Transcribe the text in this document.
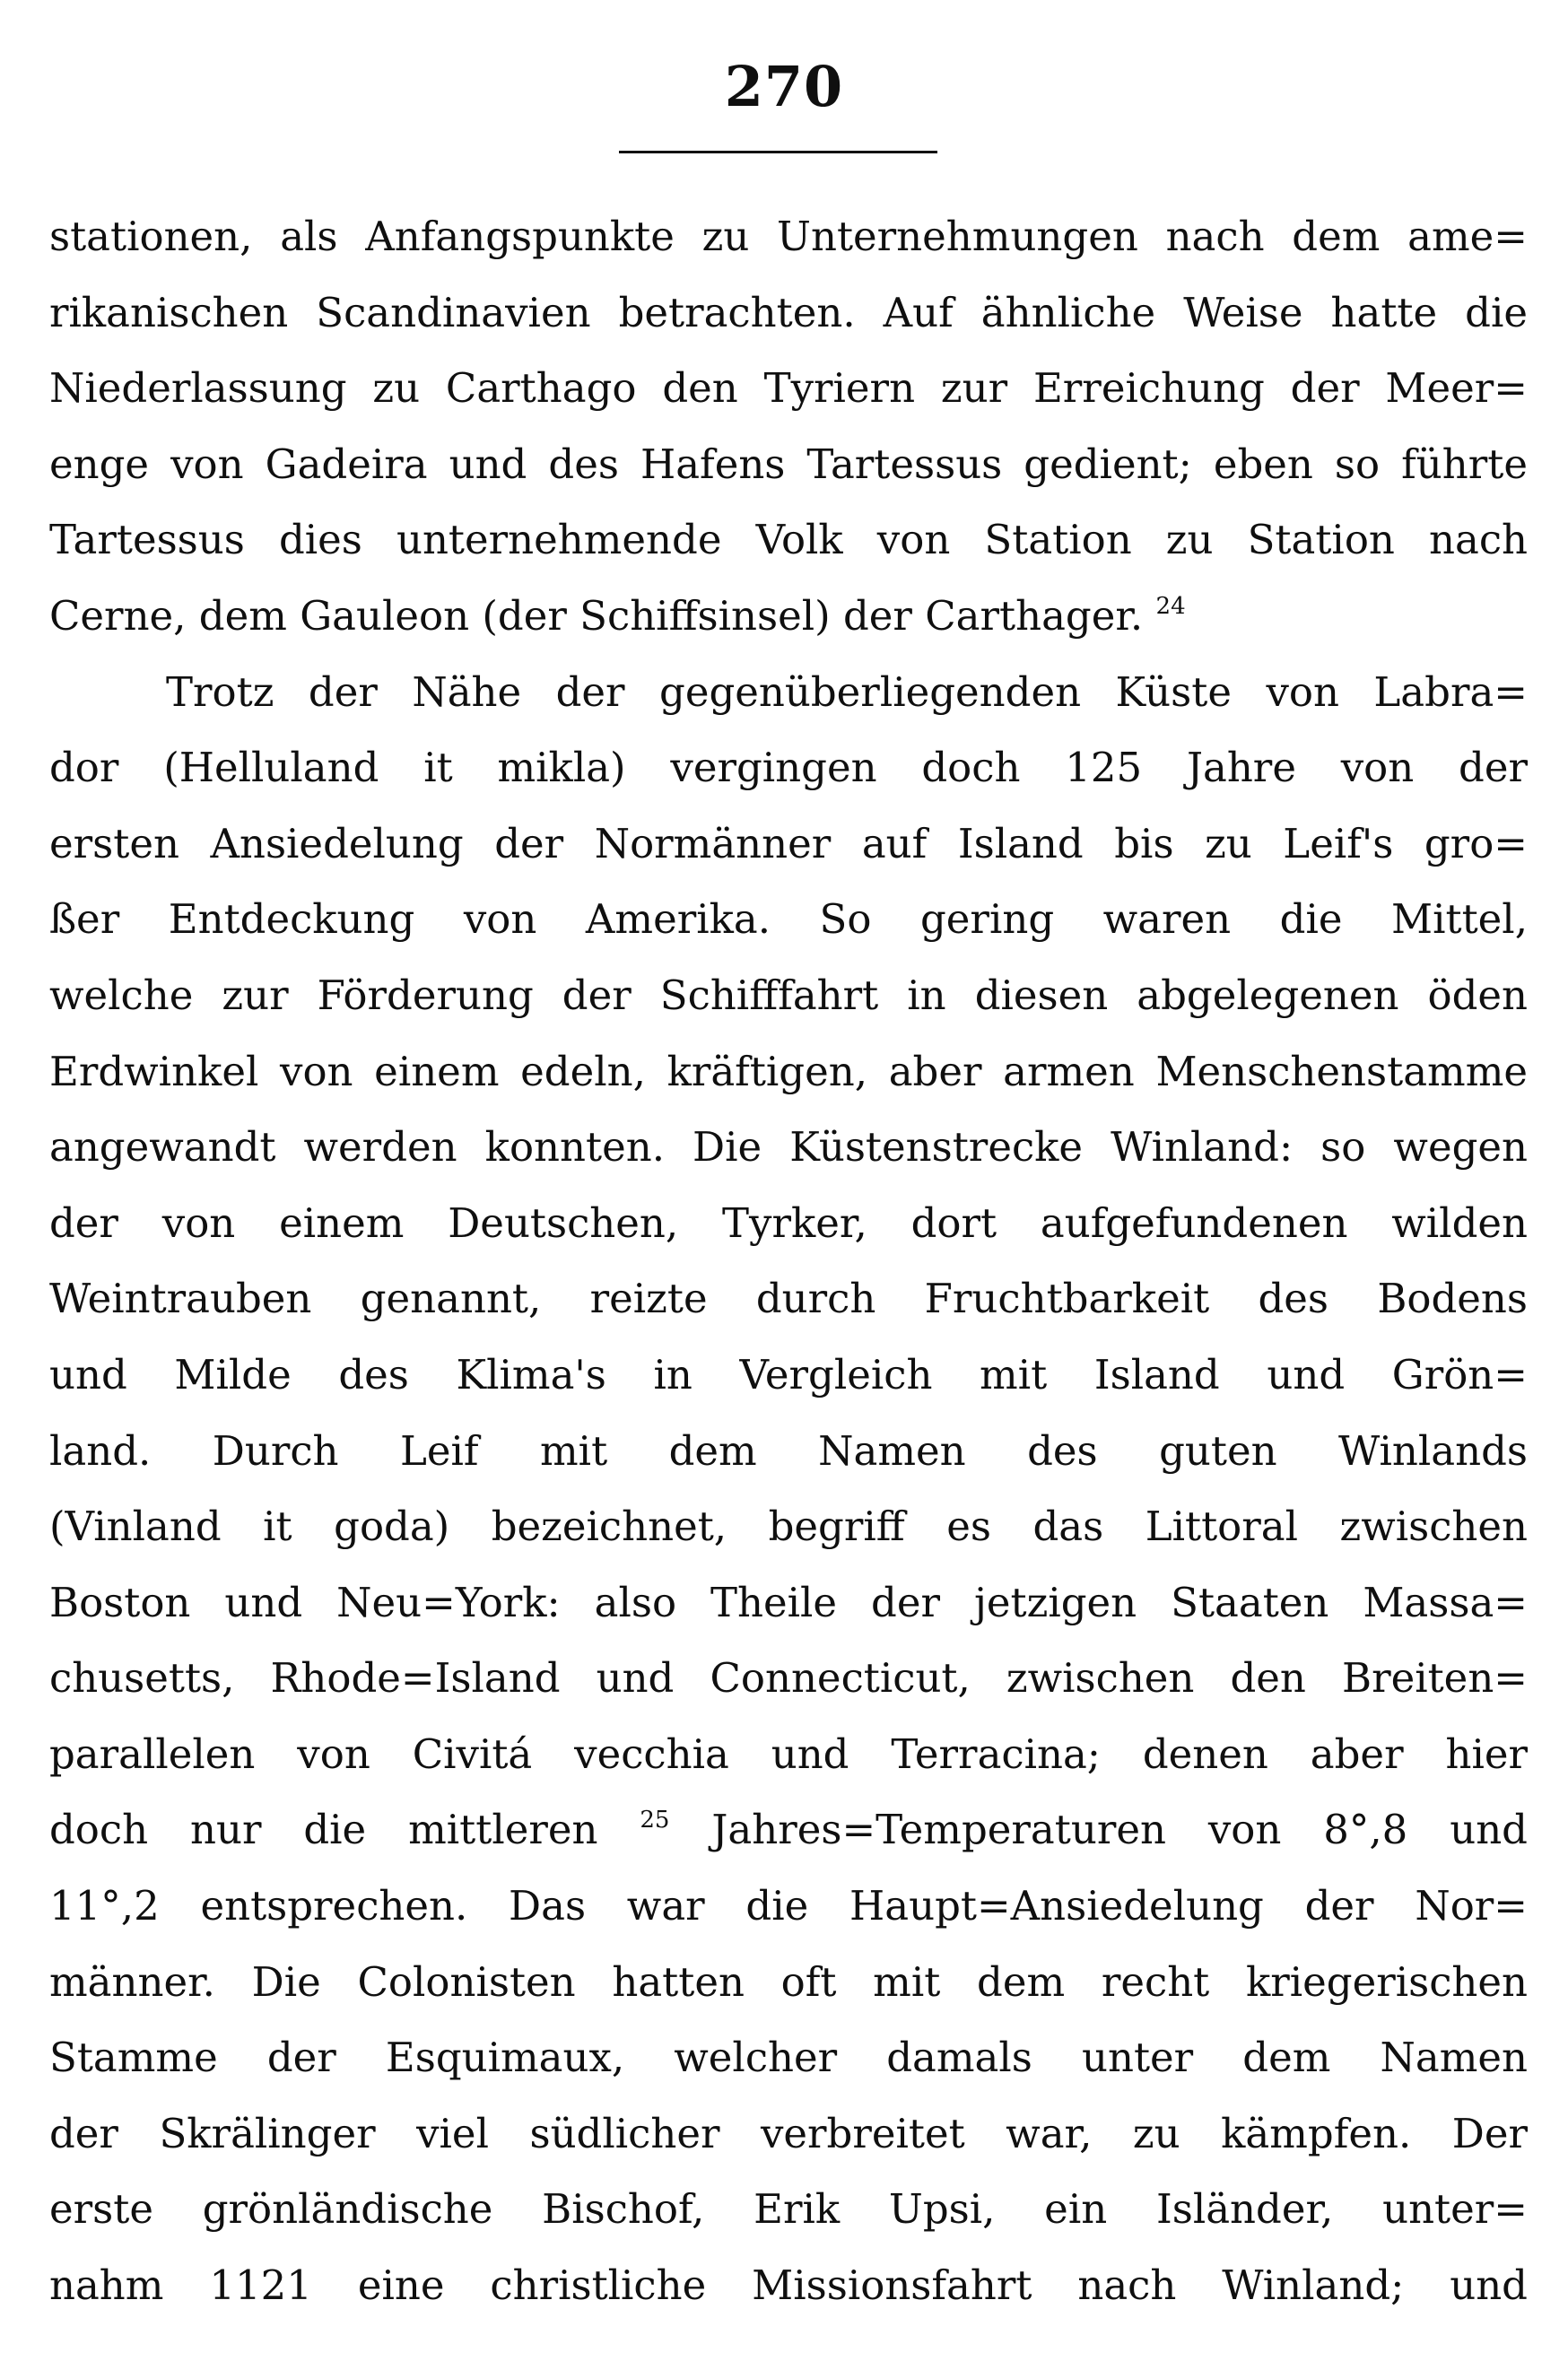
270
stationen, als Anfangspunkte zu Unternehmungen nach dem ame=
rikanischen Scandinavien betrachten. Auf ähnliche Weise hatte die
Niederlassung zu Carthago den Tyriern zur Erreichung der Meer=
enge von Gadeira und des Hafens Tartessus gedient; eben so führte
Tartessus dies unternehmende Volk von Station zu Station nach
Cerne, dem Gauleon (der Schiffsinsel) der Carthager. $^{24}$
Trotz der Nähe der gegenüberliegenden Küste von Labra=
dor (Helluland it mikla) vergingen doch 125 Jahre von der
ersten Ansiedelung der Normänner auf Island bis zu Leif's gro=
ßer Entdeckung von Amerika. So gering waren die Mittel,
welche zur Förderung der Schifffahrt in diesen abgelegenen öden
Erdwinkel von einem edeln, kräftigen, aber armen Menschenstamme
angewandt werden konnten. Die Küstenstrecke Winland: so wegen
der von einem Deutschen, Tyrker, dort aufgefundenen wilden
Weintrauben genannt, reizte durch Fruchtbarkeit des Bodens
und Milde des Klima's in Vergleich mit Island und Grön=
land. Durch Leif mit dem Namen des guten Winlands
(Vinland it goda) bezeichnet, begriff es das Littoral zwischen
Boston und Neu=York: also Theile der jetzigen Staaten Massa=
chusetts, Rhode=Island und Connecticut, zwischen den Breiten=
parallelen von Civitá vecchia und Terracina; denen aber hier
doch nur die mittleren $^{25}$ Jahres=Temperaturen von 8°,8 und
11°,2 entsprechen. Das war die Haupt=Ansiedelung der Nor=
männer. Die Colonisten hatten oft mit dem recht kriegerischen
Stamme der Esquimaux, welcher damals unter dem Namen
der Skrälinger viel südlicher verbreitet war, zu kämpfen. Der
erste grönländische Bischof, Erik Upsi, ein Isländer, unter=
nahm 1121 eine christliche Missionsfahrt nach Winland; und
